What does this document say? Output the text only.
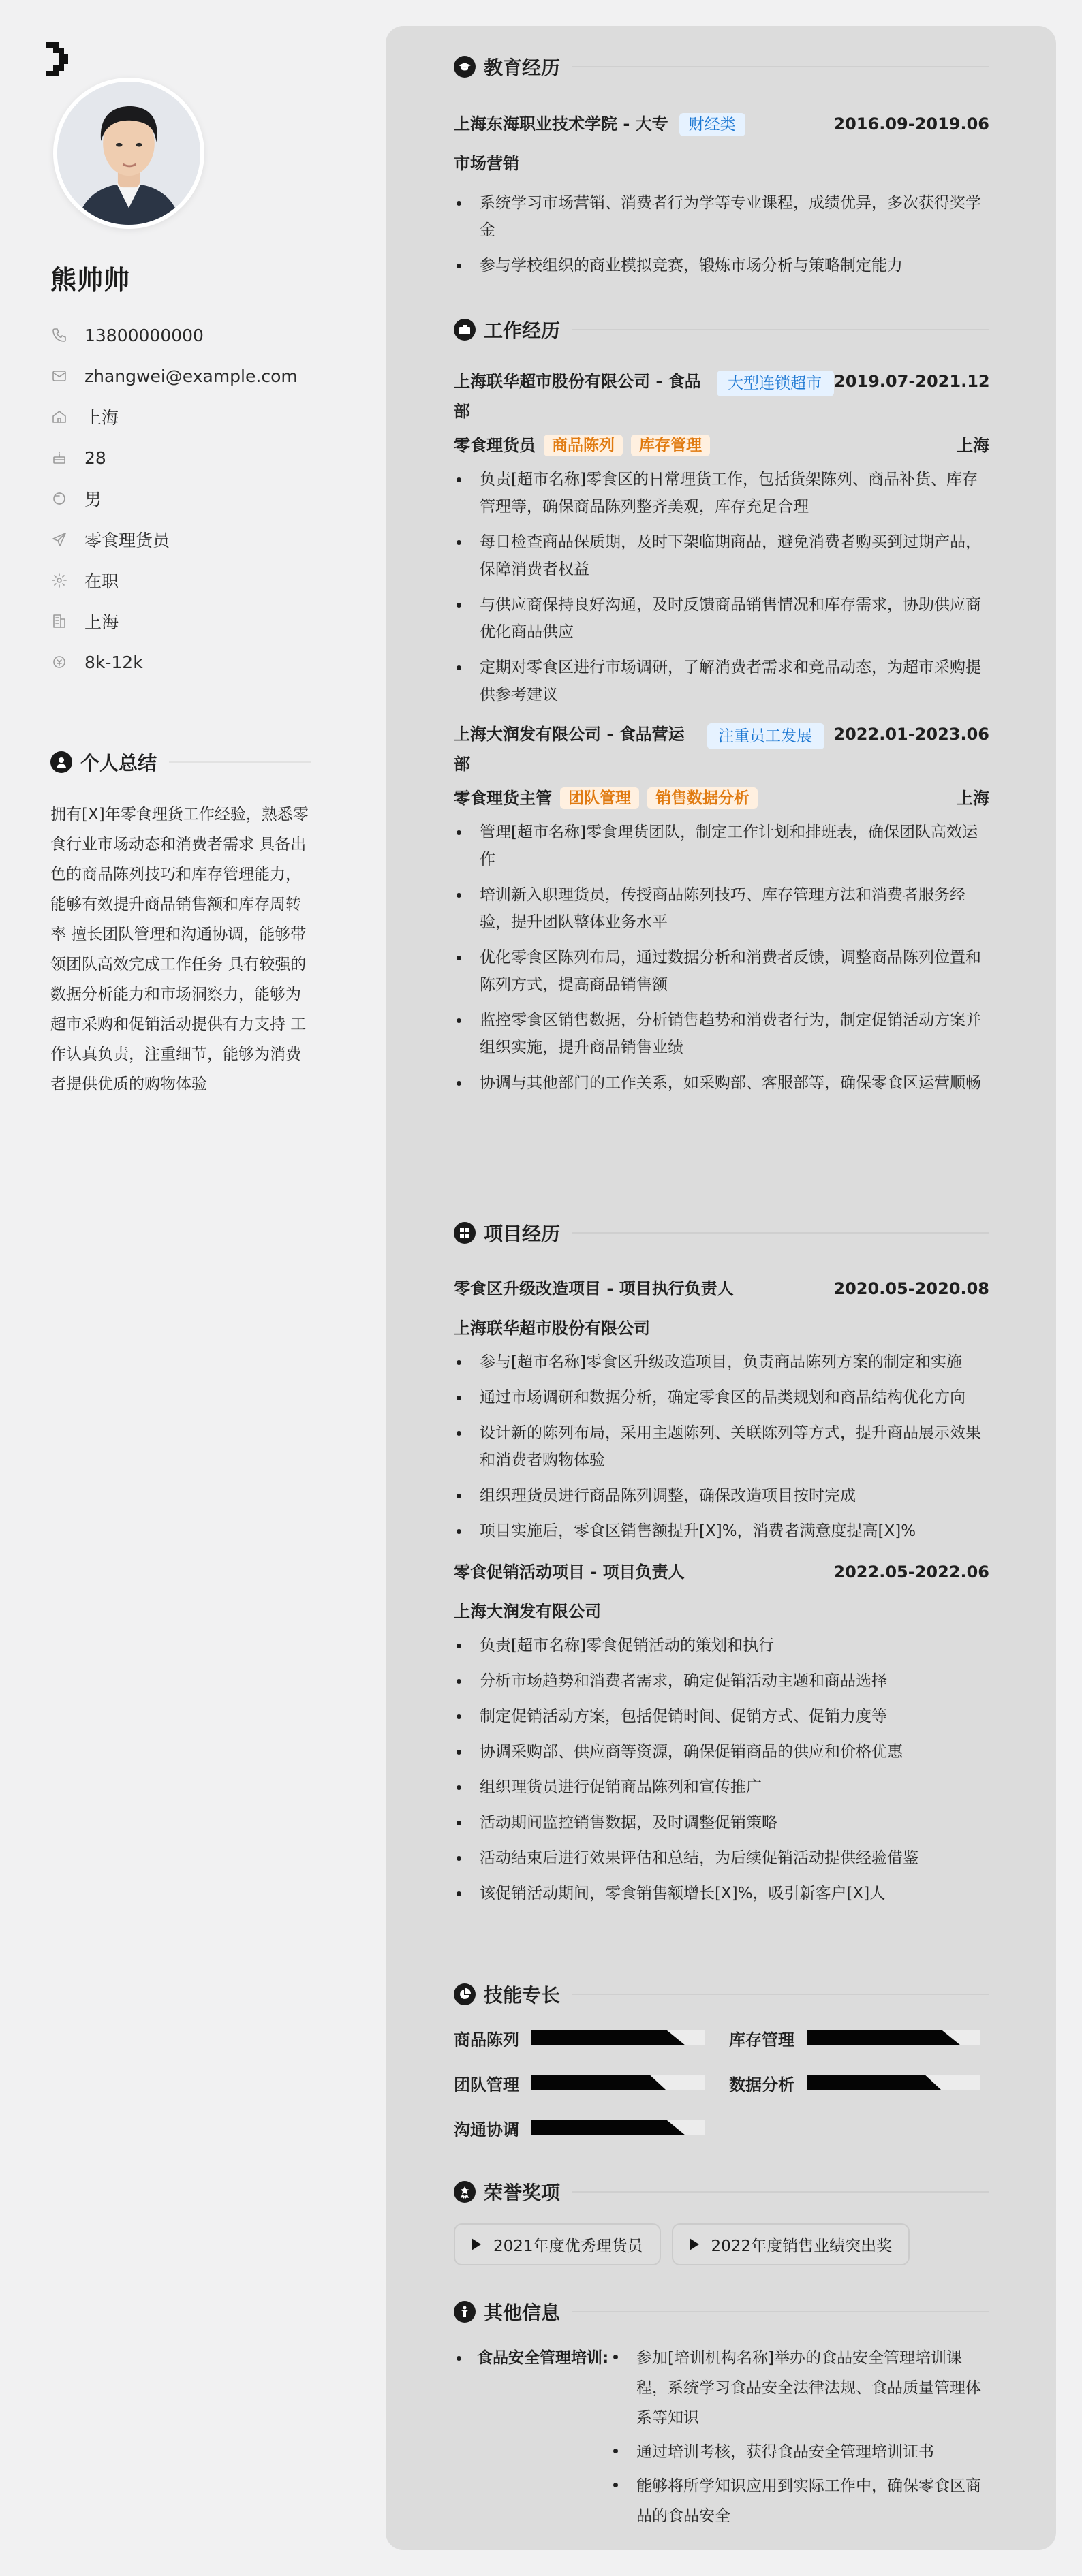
熊帅帅
13800000000
zhangwei@example.com
上海
28
男
零食理货员
在职
上海
8k-12k
个人总结
拥有[X]年零食理货工作经验，熟悉零食行业市场动态和消费者需求 具备出色的商品陈列技巧和库存管理能力，能够有效提升商品销售额和库存周转率 擅长团队管理和沟通协调，能够带领团队高效完成工作任务 具有较强的数据分析能力和市场洞察力，能够为超市采购和促销活动提供有力支持 工作认真负责，注重细节，能够为消费者提供优质的购物体验
教育经历
上海东海职业技术学院 - 大专	财经类	2016.09-2019.06
市场营销
系统学习市场营销、消费者行为学等专业课程，成绩优异，多次获得奖学金
参与学校组织的商业模拟竞赛，锻炼市场分析与策略制定能力
工作经历
上海联华超市股份有限公司 - 食品部
大型连锁超市 2019.07-2021.12
零食理货员	商品陈列	库存管理	上海
负责[超市名称]零食区的日常理货工作，包括货架陈列、商品补货、库存管理等，确保商品陈列整齐美观，库存充足合理
每日检查商品保质期，及时下架临期商品，避免消费者购买到过期产品，保障消费者权益
与供应商保持良好沟通，及时反馈商品销售情况和库存需求，协助供应商优化商品供应
定期对零食区进行市场调研，了解消费者需求和竞品动态，为超市采购提供参考建议
上海大润发有限公司 - 食品营运部
注重员工发展	2022.01-2023.06
零食理货主管	团队管理	销售数据分析	上海
管理[超市名称]零食理货团队，制定工作计划和排班表，确保团队高效运作
培训新入职理货员，传授商品陈列技巧、库存管理方法和消费者服务经验，提升团队整体业务水平
优化零食区陈列布局，通过数据分析和消费者反馈，调整商品陈列位置和陈列方式，提高商品销售额
监控零食区销售数据，分析销售趋势和消费者行为，制定促销活动方案并组织实施，提升商品销售业绩
协调与其他部门的工作关系，如采购部、客服部等，确保零食区运营顺畅
项目经历
零食区升级改造项目 - 项目执行负责人	2020.05-2020.08
上海联华超市股份有限公司
参与[超市名称]零食区升级改造项目，负责商品陈列方案的制定和实施
通过市场调研和数据分析，确定零食区的品类规划和商品结构优化方向
设计新的陈列布局，采用主题陈列、关联陈列等方式，提升商品展示效果和消费者购物体验
组织理货员进行商品陈列调整，确保改造项目按时完成
项目实施后，零食区销售额提升[X]%，消费者满意度提高[X]%
零食促销活动项目 - 项目负责人	2022.05-2022.06
上海大润发有限公司
负责[超市名称]零食促销活动的策划和执行
分析市场趋势和消费者需求，确定促销活动主题和商品选择
制定促销活动方案，包括促销时间、促销方式、促销力度等
协调采购部、供应商等资源，确保促销商品的供应和价格优惠
组织理货员进行促销商品陈列和宣传推广
活动期间监控销售数据，及时调整促销策略
活动结束后进行效果评估和总结，为后续促销活动提供经验借鉴
该促销活动期间，零食销售额增长[X]%，吸引新客户[X]人
技能专长
商品陈列	库存管理
团队管理	数据分析
沟通协调
荣誉奖项
2021年度优秀理货员	2022年度销售业绩突出奖
其他信息
食品安全管理培训:	参加[培训机构名称]举办的食品安全管理培训课程，系统学习食品安全法律法规、食品质量管理体系等知识
通过培训考核，获得食品安全管理培训证书
能够将所学知识应用到实际工作中，确保零食区商品的食品安全
